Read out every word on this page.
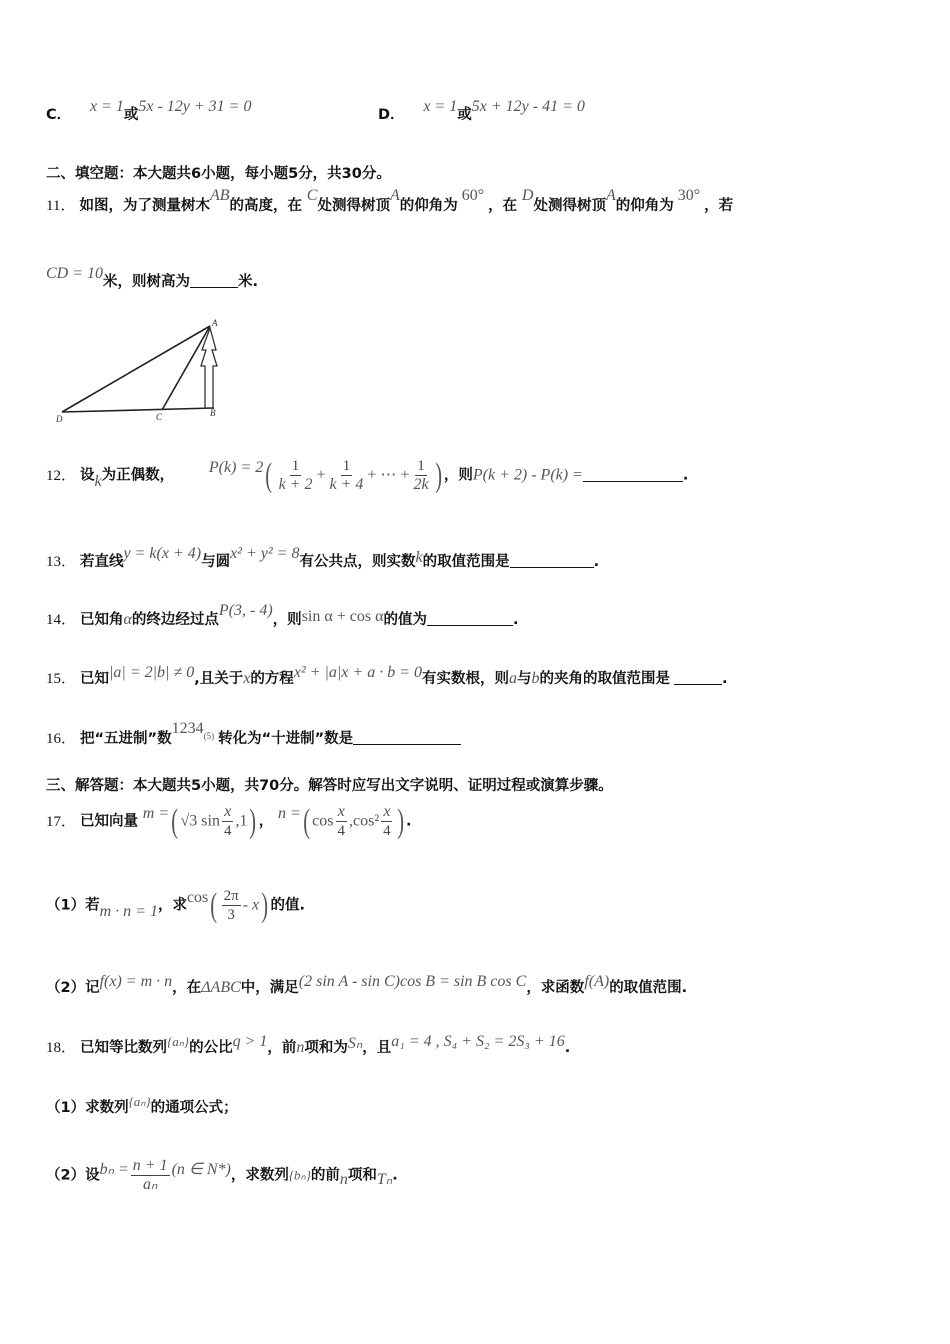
C． x = 1或5x - 12y + 31 = 0	D． x = 1或5x + 12y - 41 = 0
二、填空题：本大题共6小题，每小题5分，共30分。
11． 如图，为了测量树木AB的高度，在 C处测得树顶A的仰角为60°，在 D处测得树顶A的仰角为30°，若
CD = 10米，则树高为	米.
A
B
C
D
12． 设k为正偶数， $P(k) = 2( \frac{1}{k + 2} + \frac{1}{k + 4}$ + ⋯ + $\frac{1}{2k}$ ) ，则P(k + 2) - P(k) =	.
13． 若直线y = k(x + 4)与圆x² + y² = 8有公共点，则实数k的取值范围是	.
14． 已知角α的终边经过点P(3, - 4)，则sin α + cos α的值为	.
15． 已知|a| = 2|b| ≠ 0,且关于x的方程x² + |a|x + a · b = 0有实数根，则a与b的夹角的取值范围是	.
16． 把“五进制”数1234$^{(5)}$ 转化为“十进制”数是
三、解答题：本大题共5小题，共70分。解答时应写出文字说明、证明过程或演算步骤。
17． 已知向量 m =( √3 $\sin \frac{x}{4} ,1$) ， n =( $\cos \frac{x}{4} ,\cos^2 \frac{x}{4}$ ) .
（1）若m · n = 1，求$\cos( \frac{2\pi}{3} - x)$ 的值.
（2）记f(x) = m · n，在ΔABC中，满足(2 sin A - sin C)cos B = sin B cos C，求函数f(A)的取值范围.
18． 已知等比数列{aₙ}的公比q > 1，前n项和为Sₙ，且a₁ = 4 , S₄ + S₂ = 2S₃ + 16.
（1）求数列{aₙ}的通项公式；
（2）设$b_n = \frac{n + 1}{\text{aₙ}} (n$ ∈ N*)，求数列{bₙ}的前n项和Tₙ.
